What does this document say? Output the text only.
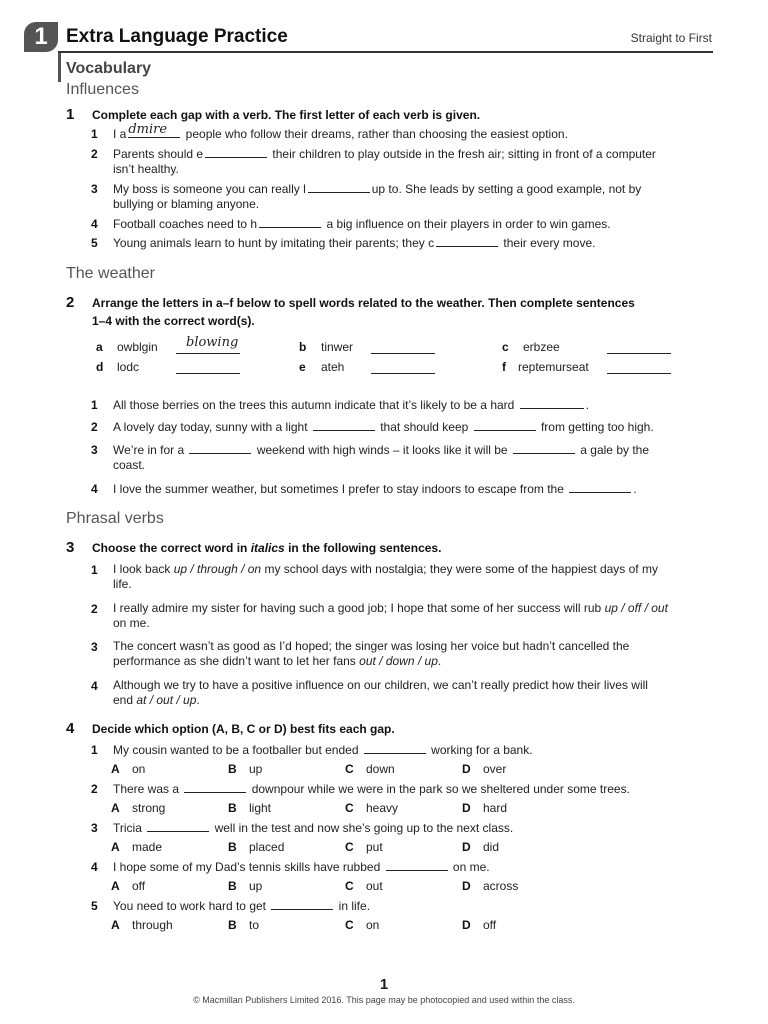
1 Extra Language Practice	Straight to First
Vocabulary
Influences
1 Complete each gap with a verb. The first letter of each verb is given.
1 I a dmire people who follow their dreams, rather than choosing the easiest option.
2 Parents should e	their children to play outside in the fresh air; sitting in front of a computer
isn’t healthy.
3 My boss is someone you can really l	up to. She leads by setting a good example, not by
bullying or blaming anyone.
4 Football coaches need to h	a big influence on their players in order to win games.
5 Young animals learn to hunt by imitating their parents; they c	their every move.
The weather
2 Arrange the letters in a–f below to spell words related to the weather. Then complete sentences
1–4 with the correct word(s).
a owblgin blowing	b tinwer	c erbzee
d lodc	e ateh	f reptemurseat
1 All those berries on the trees this autumn indicate that it’s likely to be a hard	.
2 A lovely day today, sunny with a light	that should keep	from getting too high.
3 We’re in for a	weekend with high winds – it looks like it will be	a gale by the
coast.
4 I love the summer weather, but sometimes I prefer to stay indoors to escape from the	.
Phrasal verbs
3 Choose the correct word in italics in the following sentences.
1 I look back up / through / on my school days with nostalgia; they were some of the happiest days of my
life.
2 I really admire my sister for having such a good job; I hope that some of her success will rub up / off / out
on me.
3 The concert wasn’t as good as I’d hoped; the singer was losing her voice but hadn’t cancelled the
performance as she didn’t want to let her fans out / down / up.
4 Although we try to have a positive influence on our children, we can’t really predict how their lives will
end at / out / up.
4 Decide which option (A, B, C or D) best fits each gap.
1 My cousin wanted to be a footballer but ended	working for a bank.
A on	B up	C down	D over
2 There was a	downpour while we were in the park so we sheltered under some trees.
A strong	B light	C heavy	D hard
3 Tricia	well in the test and now she’s going up to the next class.
A made	B placed	C put	D did
4 I hope some of my Dad’s tennis skills have rubbed	on me.
A off	B up	C out	D across
5 You need to work hard to get	in life.
A through	B to	C on	D off
1
© Macmillan Publishers Limited 2016. This page may be photocopied and used within the class.
